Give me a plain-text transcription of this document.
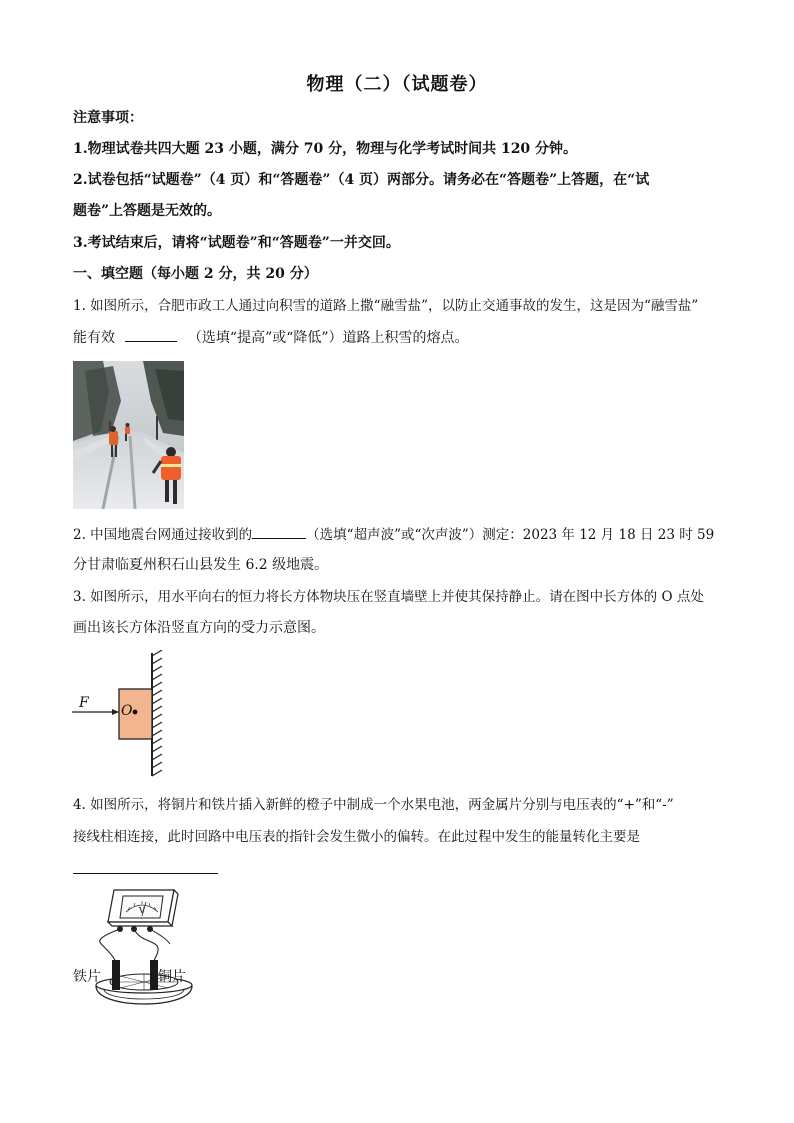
物理（二）（试题卷）
注意事项：
1.物理试卷共四大题 23 小题，满分 70 分，物理与化学考试时间共 120 分钟。
2.试卷包括“试题卷”（4 页）和“答题卷”（4 页）两部分。请务必在“答题卷”上答题，在“试
题卷”上答题是无效的。
3.考试结束后，请将“试题卷”和“答题卷”一并交回。
一、填空题（每小题 2 分，共 20 分）
1. 如图所示，合肥市政工人通过向积雪的道路上撒“融雪盐”，以防止交通事故的发生，这是因为“融雪盐”
能有效	（选填“提高”或“降低”）道路上积雪的熔点。
2. 中国地震台网通过接收到的	（选填“超声波”或“次声波”）测定：2023 年 12 月 18 日 23 时 59
分甘肃临夏州积石山县发生 6.2 级地震。
3. 如图所示，用水平向右的恒力将长方体物块压在竖直墙壁上并使其保持静止。请在图中长方体的 O 点处
画出该长方体沿竖直方向的受力示意图。
F O
4. 如图所示，将铜片和铁片插入新鲜的橙子中制成一个水果电池，两金属片分别与电压表的“+”和“-”
接线柱相连接，此时回路中电压表的指针会发生微小的偏转。在此过程中发生的能量转化主要是
V
铁片	铜片
